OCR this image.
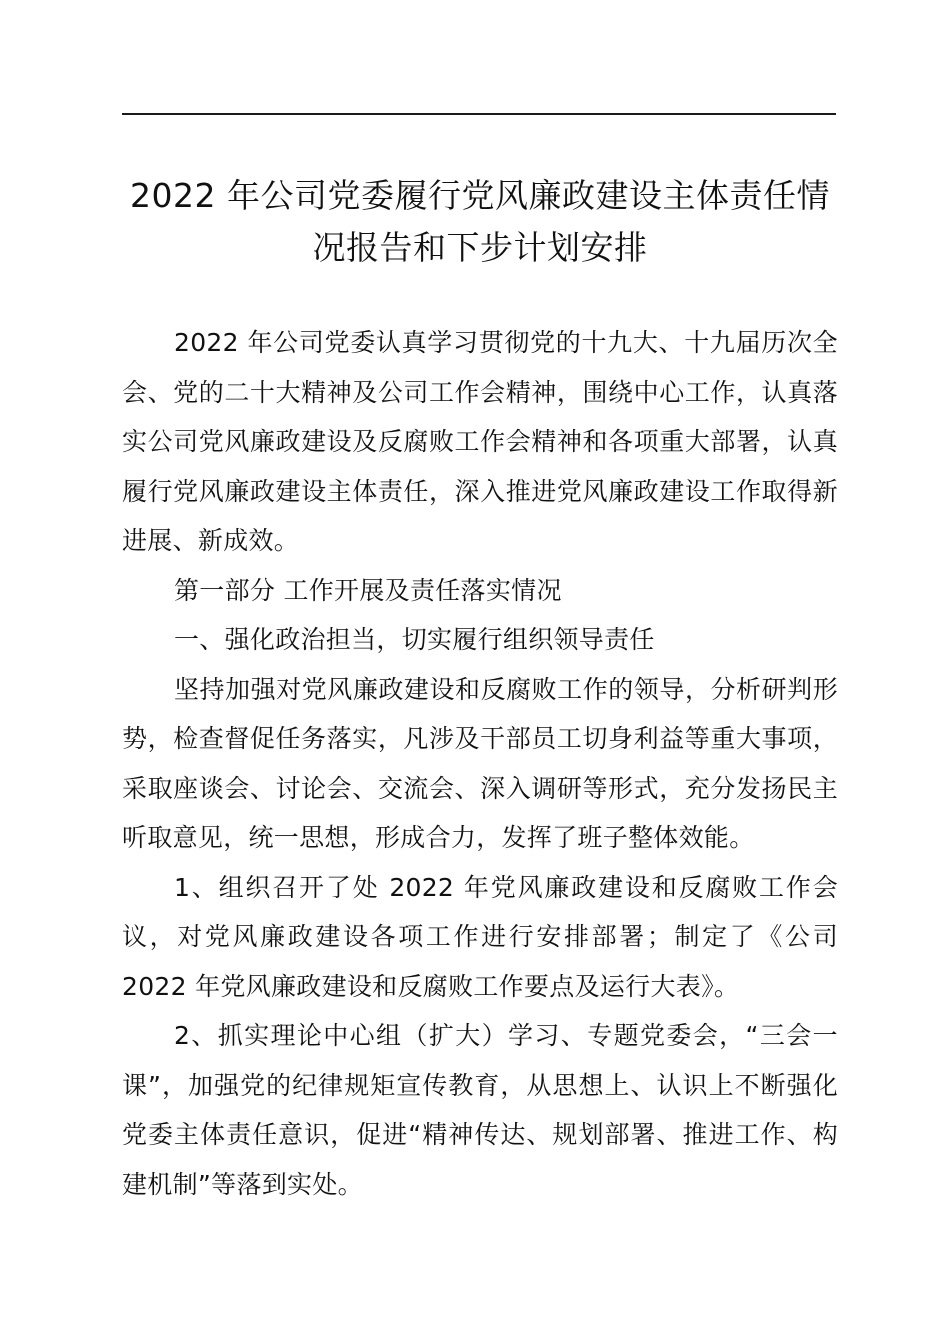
2022 年公司党委履行党风廉政建设主体责任情
况报告和下步计划安排

2022 年公司党委认真学习贯彻党的十九大、十九届历次全会、党的二十大精神及公司工作会精神，围绕中心工作，认真落实公司党风廉政建设及反腐败工作会精神和各项重大部署，认真履行党风廉政建设主体责任，深入推进党风廉政建设工作取得新进展、新成效。

第一部分 工作开展及责任落实情况

一、强化政治担当，切实履行组织领导责任

坚持加强对党风廉政建设和反腐败工作的领导，分析研判形势，检查督促任务落实，凡涉及干部员工切身利益等重大事项，采取座谈会、讨论会、交流会、深入调研等形式，充分发扬民主听取意见，统一思想，形成合力，发挥了班子整体效能。

1、组织召开了处 2022 年党风廉政建设和反腐败工作会议，对党风廉政建设各项工作进行安排部署；制定了《公司 2022 年党风廉政建设和反腐败工作要点及运行大表》。

2、抓实理论中心组（扩大）学习、专题党委会，“三会一课”，加强党的纪律规矩宣传教育，从思想上、认识上不断强化党委主体责任意识，促进“精神传达、规划部署、推进工作、构建机制”等落到实处。
